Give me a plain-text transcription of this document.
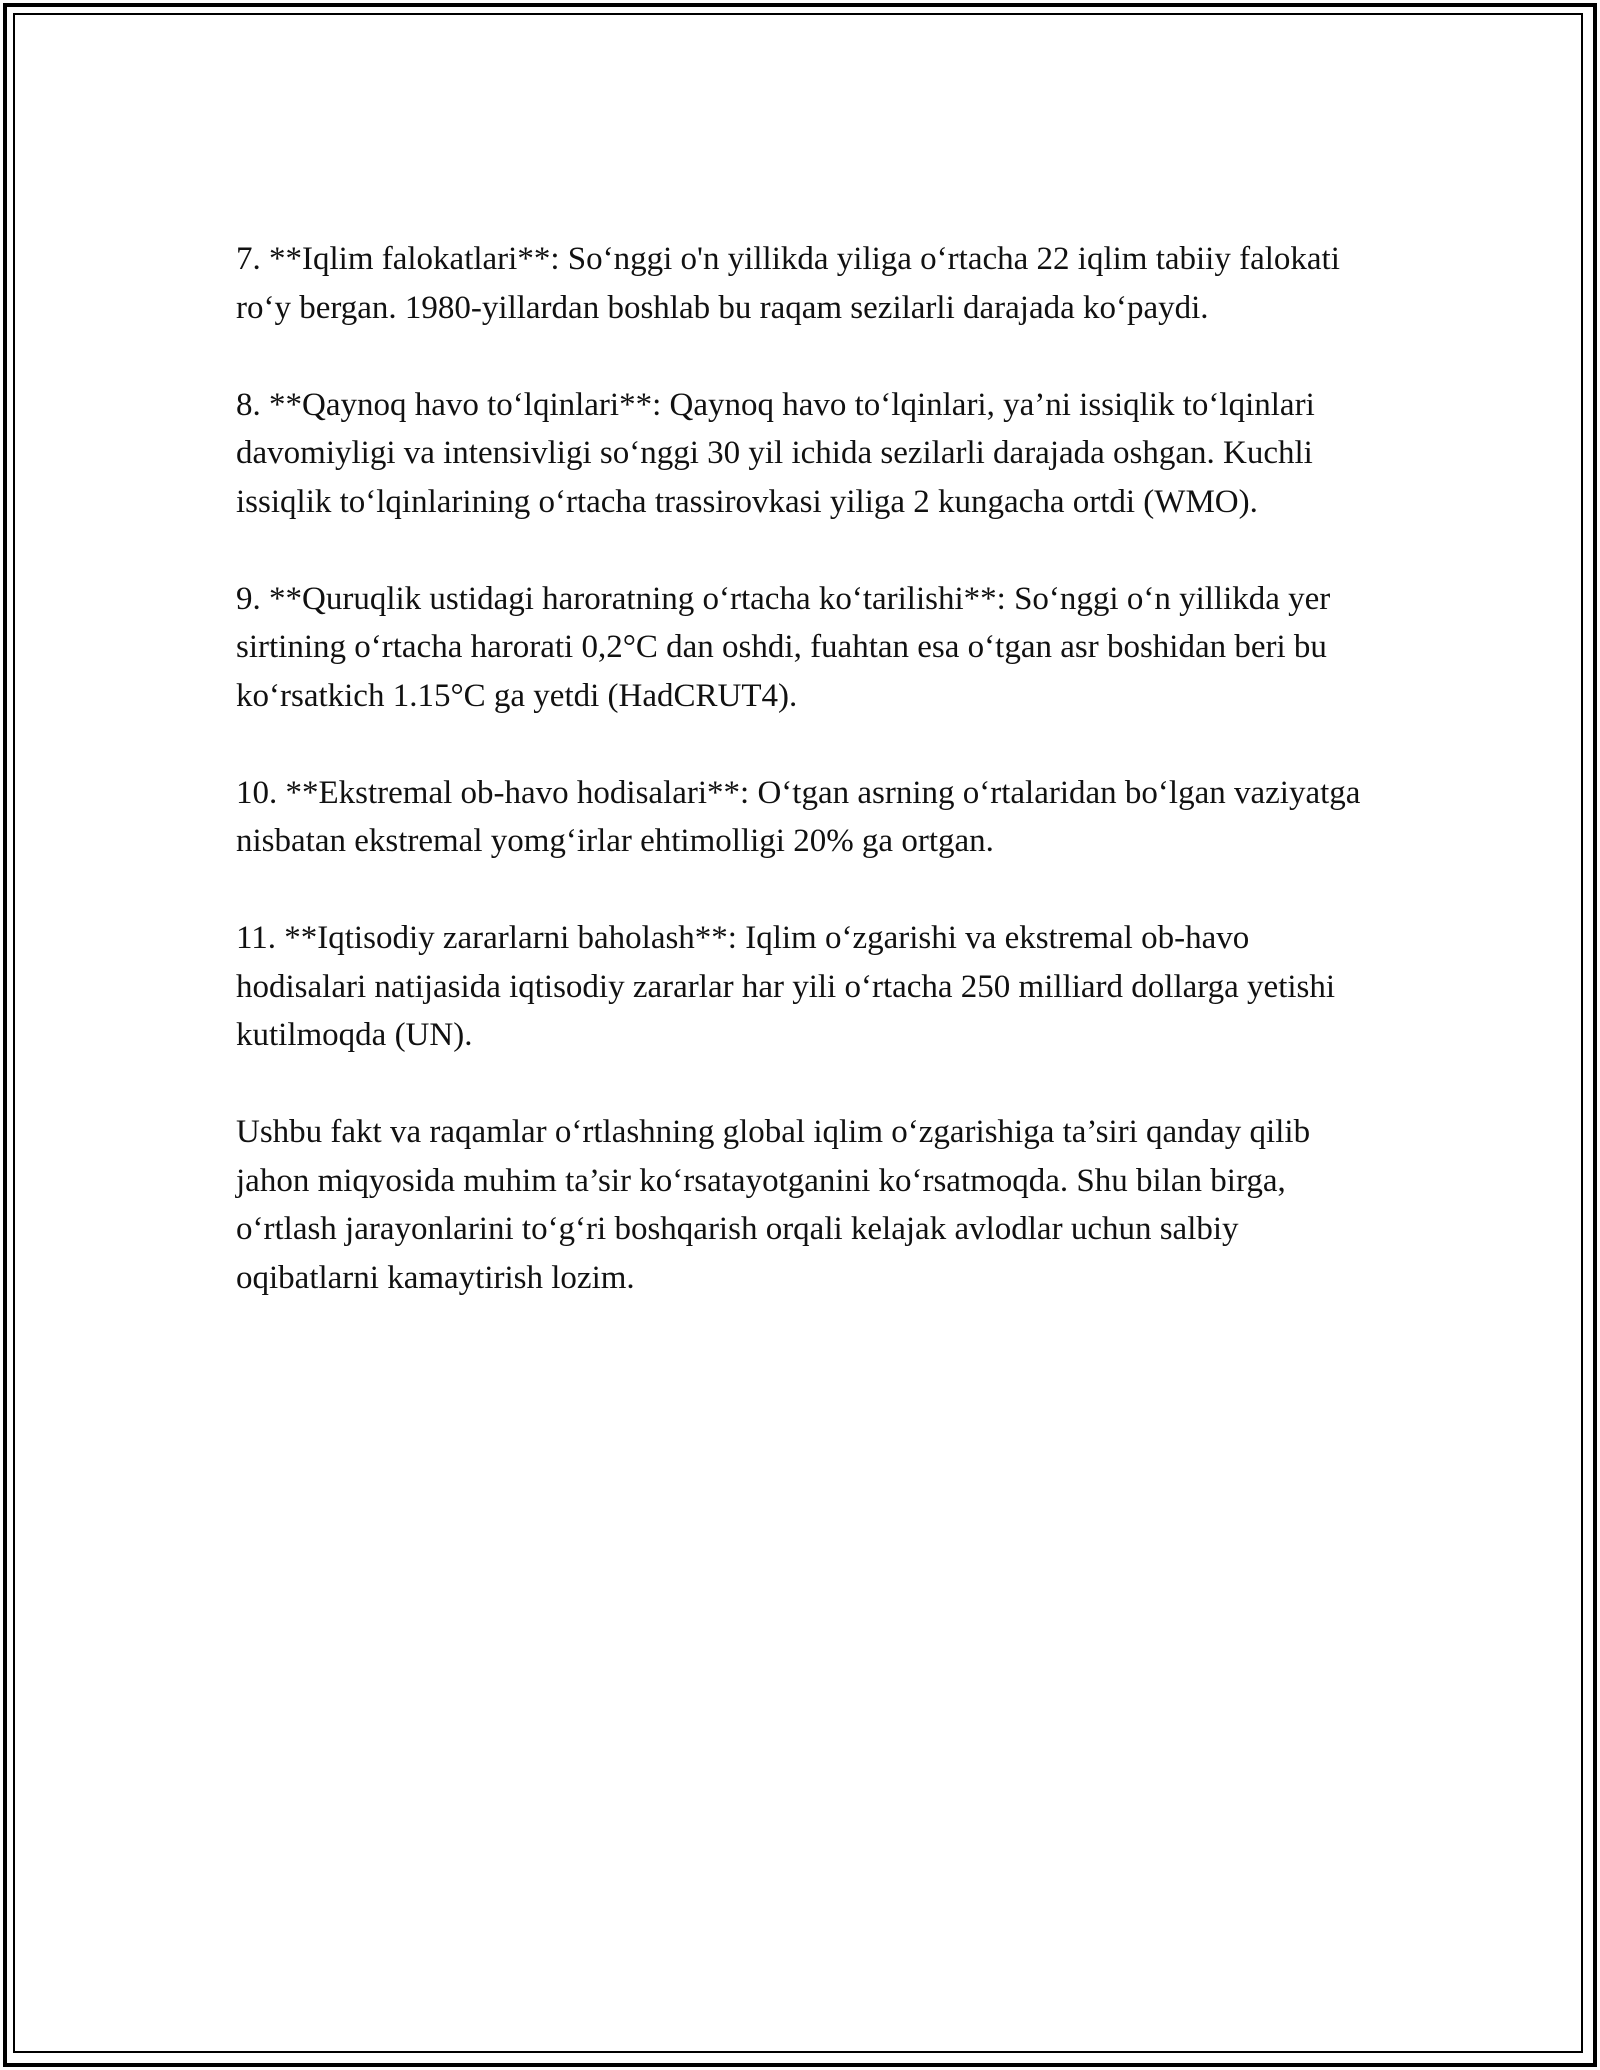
7. **Iqlim falokatlari**: So‘nggi o'n yillikda yiliga o‘rtacha 22 iqlim tabiiy falokati ro‘y bergan. 1980-yillardan boshlab bu raqam sezilarli darajada ko‘paydi.

8. **Qaynoq havo to‘lqinlari**: Qaynoq havo to‘lqinlari, ya’ni issiqlik to‘lqinlari davomiyligi va intensivligi so‘nggi 30 yil ichida sezilarli darajada oshgan. Kuchli issiqlik to‘lqinlarining o‘rtacha trassirovkasi yiliga 2 kungacha ortdi (WMO).

9. **Quruqlik ustidagi haroratning o‘rtacha ko‘tarilishi**: So‘nggi o‘n yillikda yer sirtining o‘rtacha harorati 0,2°C dan oshdi, fuahtan esa o‘tgan asr boshidan beri bu ko‘rsatkich 1.15°C ga yetdi (HadCRUT4).

10. **Ekstremal ob-havo hodisalari**: O‘tgan asrning o‘rtalaridan bo‘lgan vaziyatga nisbatan ekstremal yomg‘irlar ehtimolligi 20% ga ortgan.

11. **Iqtisodiy zararlarni baholash**: Iqlim o‘zgarishi va ekstremal ob-havo hodisalari natijasida iqtisodiy zararlar har yili o‘rtacha 250 milliard dollarga yetishi kutilmoqda (UN).

Ushbu fakt va raqamlar o‘rtlashning global iqlim o‘zgarishiga ta’siri qanday qilib jahon miqyosida muhim ta’sir ko‘rsatayotganini ko‘rsatmoqda. Shu bilan birga, o‘rtlash jarayonlarini to‘g‘ri boshqarish orqali kelajak avlodlar uchun salbiy oqibatlarni kamaytirish lozim.
